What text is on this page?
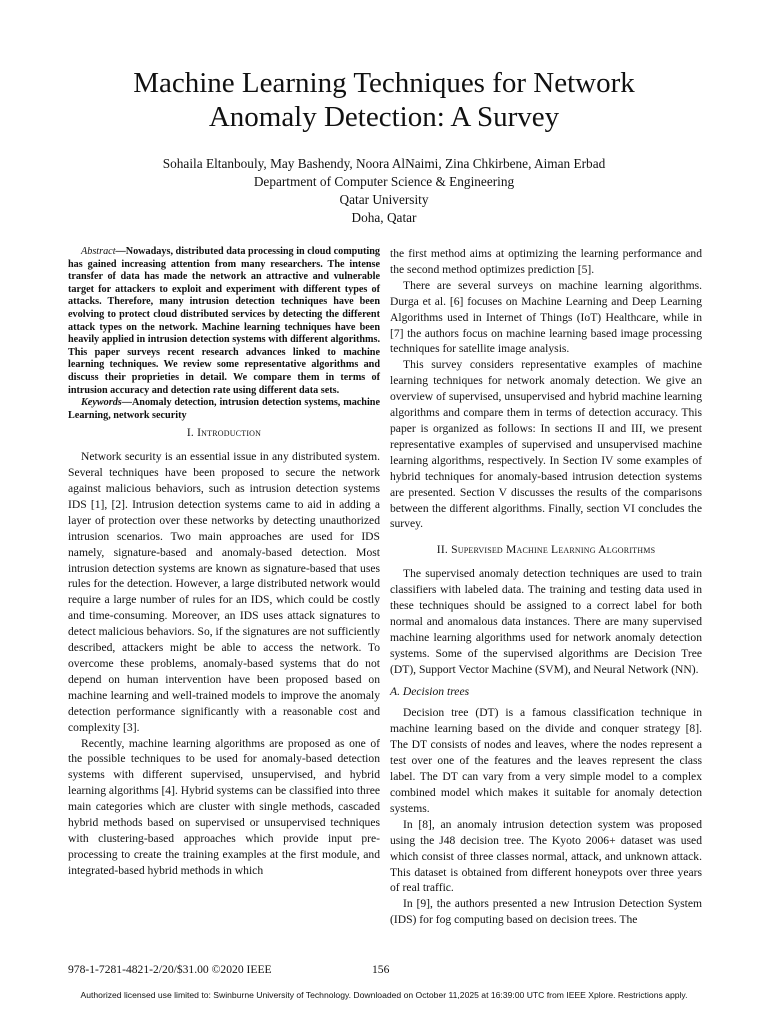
Machine Learning Techniques for Network
Anomaly Detection: A Survey
Sohaila Eltanbouly, May Bashendy, Noora AlNaimi, Zina Chkirbene, Aiman Erbad
Department of Computer Science & Engineering
Qatar University
Doha, Qatar

Abstract—Nowadays, distributed data processing in cloud computing has gained increasing attention from many researchers. The intense transfer of data has made the network an attractive and vulnerable target for attackers to exploit and experiment with different types of attacks. Therefore, many intrusion detection techniques have been evolving to protect cloud distributed services by detecting the different attack types on the network. Machine learning techniques have been heavily applied in intrusion detection systems with different algorithms. This paper surveys recent research advances linked to machine learning techniques. We review some representative algorithms and discuss their proprieties in detail. We compare them in terms of intrusion accuracy and detection rate using different data sets.

Keywords—Anomaly detection, intrusion detection systems, machine Learning, network security

I. Introduction

Network security is an essential issue in any distributed system. Several techniques have been proposed to secure the network against malicious behaviors, such as intrusion detection systems IDS [1], [2]. Intrusion detection systems came to aid in adding a layer of protection over these networks by detecting unauthorized intrusion scenarios. Two main approaches are used for IDS namely, signature-based and anomaly-based detection. Most intrusion detection systems are known as signature-based that uses rules for the detection. However, a large distributed network would require a large number of rules for an IDS, which could be costly and time-consuming. Moreover, an IDS uses attack signatures to detect malicious behaviors. So, if the signatures are not sufficiently described, attackers might be able to access the network. To overcome these problems, anomaly-based systems that do not depend on human intervention have been proposed based on machine learning and well-trained models to improve the anomaly detection performance significantly with a reasonable cost and complexity [3].

Recently, machine learning algorithms are proposed as one of the possible techniques to be used for anomaly-based detection systems with different supervised, unsupervised, and hybrid learning algorithms [4]. Hybrid systems can be classified into three main categories which are cluster with single methods, cascaded hybrid methods based on supervised or unsupervised techniques with clustering-based approaches which provide input pre-processing to create the training examples at the first module, and integrated-based hybrid methods in which

the first method aims at optimizing the learning performance and the second method optimizes prediction [5].

There are several surveys on machine learning algorithms. Durga et al. [6] focuses on Machine Learning and Deep Learning Algorithms used in Internet of Things (IoT) Healthcare, while in [7] the authors focus on machine learning based image processing techniques for satellite image analysis.

This survey considers representative examples of machine learning techniques for network anomaly detection. We give an overview of supervised, unsupervised and hybrid machine learning algorithms and compare them in terms of detection accuracy. This paper is organized as follows: In sections II and III, we present representative examples of supervised and unsupervised machine learning algorithms, respectively. In Section IV some examples of hybrid techniques for anomaly-based intrusion detection systems are presented. Section V discusses the results of the comparisons between the different algorithms. Finally, section VI concludes the survey.

II. Supervised Machine Learning Algorithms

The supervised anomaly detection techniques are used to train classifiers with labeled data. The training and testing data used in these techniques should be assigned to a correct label for both normal and anomalous data instances. There are many supervised machine learning algorithms used for network anomaly detection systems. Some of the supervised algorithms are Decision Tree (DT), Support Vector Machine (SVM), and Neural Network (NN).

A. Decision trees

Decision tree (DT) is a famous classification technique in machine learning based on the divide and conquer strategy [8]. The DT consists of nodes and leaves, where the nodes represent a test over one of the features and the leaves represent the class label. The DT can vary from a very simple model to a complex combined model which makes it suitable for anomaly detection systems.

In [8], an anomaly intrusion detection system was proposed using the J48 decision tree. The Kyoto 2006+ dataset was used which consist of three classes normal, attack, and unknown attack. This dataset is obtained from different honeypots over three years of real traffic.

In [9], the authors presented a new Intrusion Detection System (IDS) for fog computing based on decision trees. The

978-1-7281-4821-2/20/$31.00 ©2020 IEEE	156
Authorized licensed use limited to: Swinburne University of Technology. Downloaded on October 11,2025 at 16:39:00 UTC from IEEE Xplore. Restrictions apply.
